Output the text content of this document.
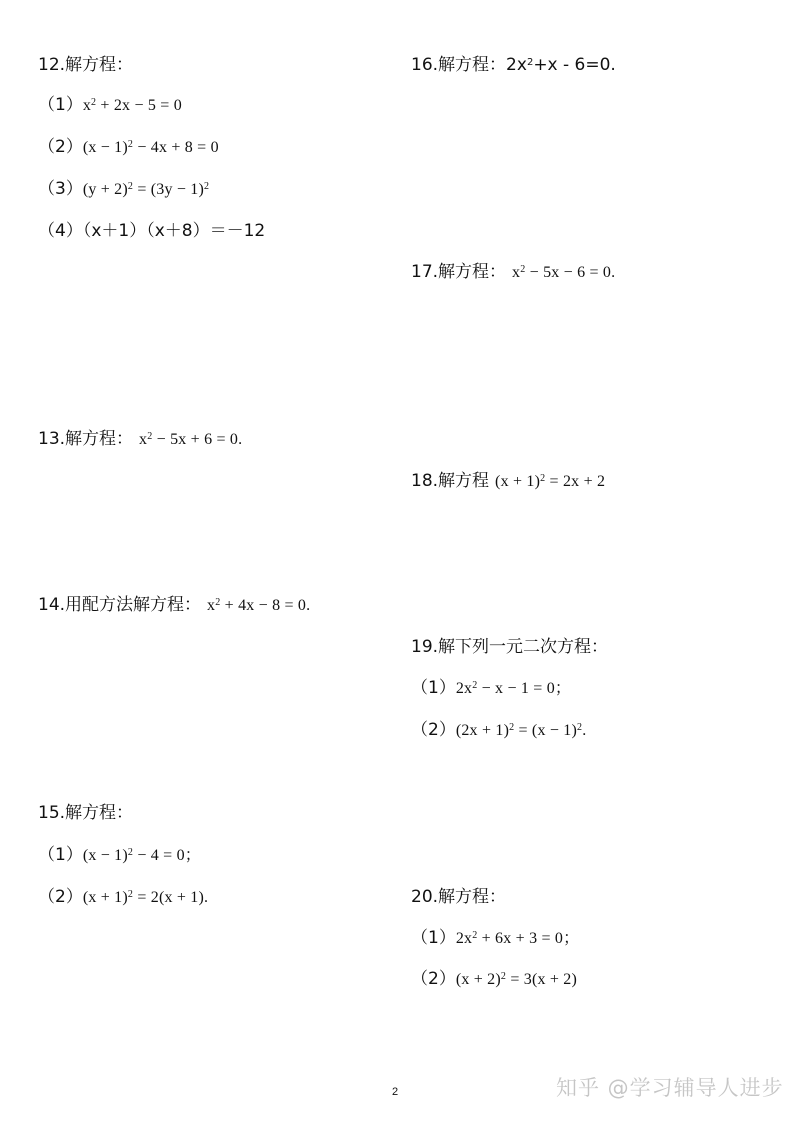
12.解方程：
$(1)x^2 + 2x - 5 = 0$
$(2)(x - 1)^2 - 4x + 8 = 0$
$(3)(y + 2)^2 = (3y - 1)^2$
（4）（x＋1）（x＋8）＝－12
13.解方程： $x^2 - 5x + 6 = 0$.
14.用配方法解方程： $x^2 + 4x - 8 = 0$.
15.解方程：
$(1)(x - 1)^2 - 4 = 0$；
$(2)(x + 1)^2 = 2(x + 1)$.
16.解方程：$2x^2+x - 6=0$.
17.解方程： $x^2 - 5x - 6 = 0$.
18.解方程 $(x + 1)^2 = 2x + 2$
19.解下列一元二次方程：
$(1)2x^2 - x - 1 = 0$；
$(2)(2x + 1)^2 = (x - 1)^2$.
20.解方程：
$(1)2x^2 + 6x + 3 = 0$；
$(2)(x + 2)^2 = 3(x + 2)$
2	知乎 @学习辅导人进步
